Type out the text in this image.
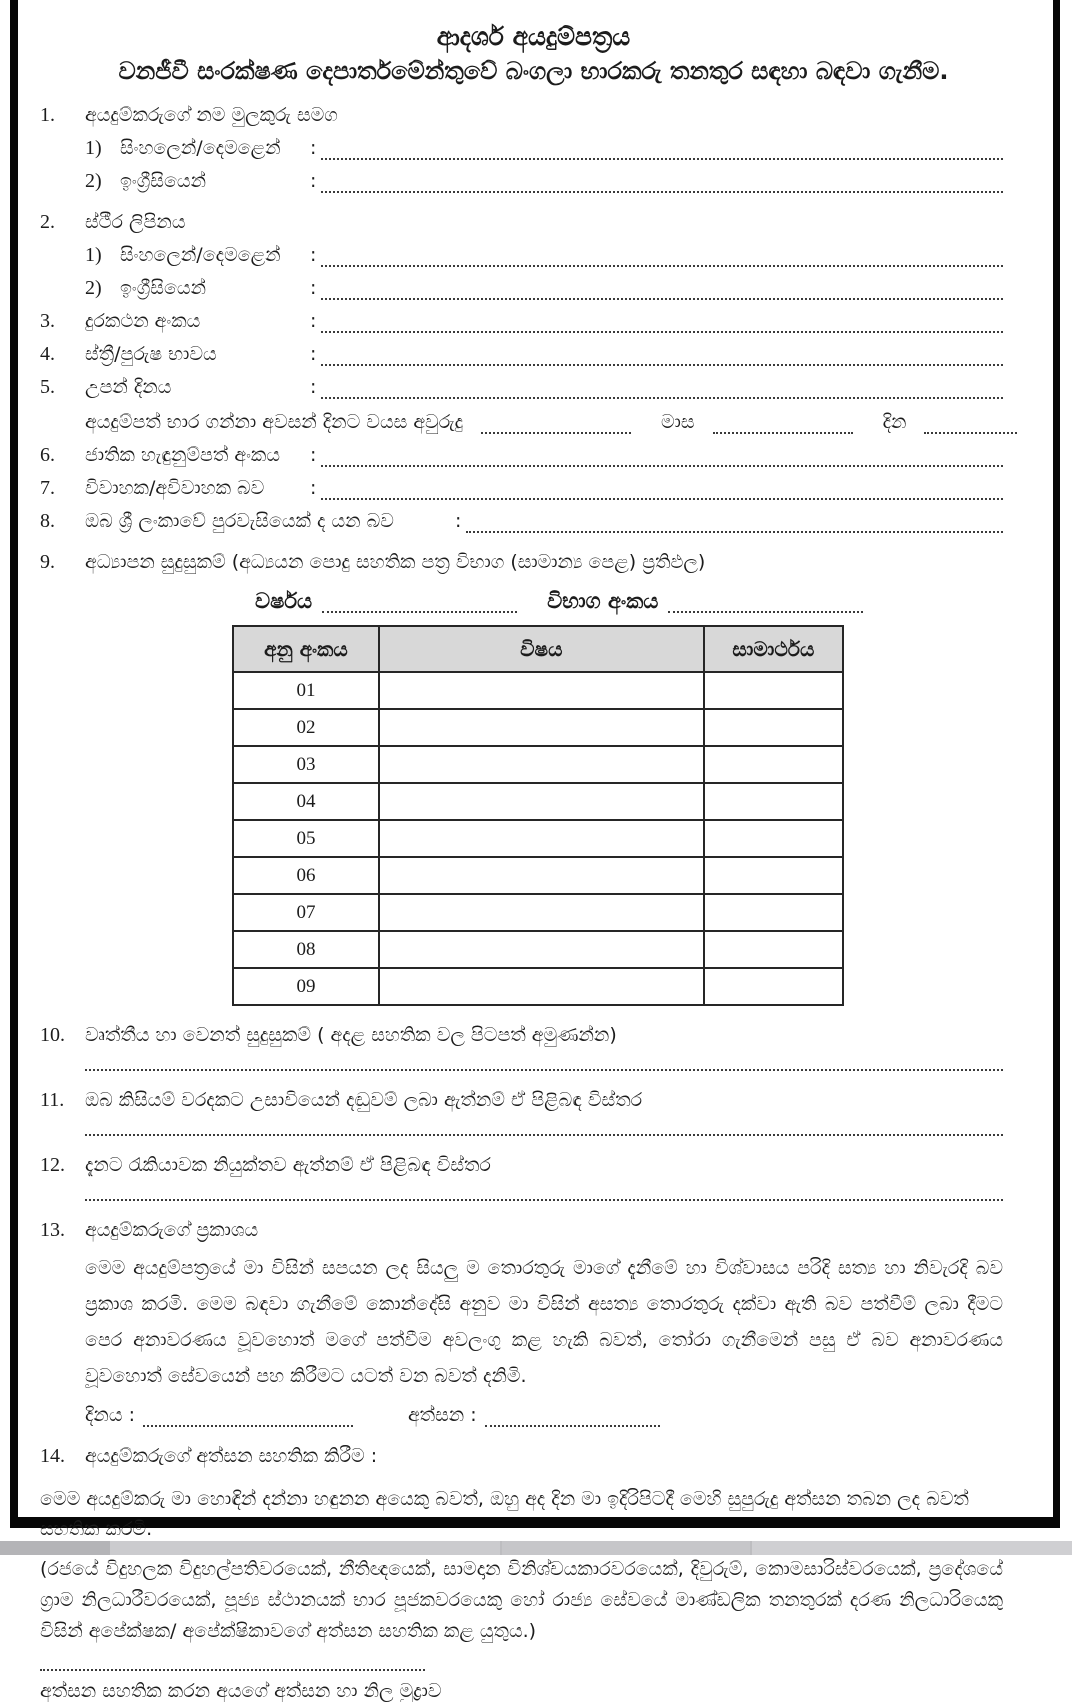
ආදර්ශ අයදුම්පත්‍රය
වනජීවී සංරක්ෂණ දෙපාර්තමේන්තුවේ බංගලා භාරකරු තනතුර සඳහා බඳවා ගැනීම.
1.	අයදුම්කරුගේ නම මුලකුරු සමග
1) සිංහලෙන්/දෙමළෙන්	:
2) ඉංග්‍රීසියෙන්	:
2.	ස්ථීර ලිපිනය
1) සිංහලෙන්/දෙමළෙන්	:
2) ඉංග්‍රීසියෙන්	:
3.	දුරකථන අංකය	:
4.	ස්ත්‍රී/පුරුෂ භාවය	:
5.	උපන් දිනය	:
අයදුම්පත් භාර ගන්නා අවසන් දිනට වයස අවුරුදු	මාස	දින
6.	ජාතික හැඳුනුම්පත් අංකය	:
7.	විවාහක/අවිවාහක බව	:
8.	ඔබ ශ්‍රී ලංකාවේ පුරවැසියෙක් ද යන බව	:
9.	අධ්‍යාපන සුදුසුකම් (අධ්‍යයන පොදු සහතික පත්‍ර විභාග (සාමාන්‍ය පෙළ) ප්‍රතිඵල)
වර්ෂය	විභාග අංකය
අනු අංකය	විෂය	සාමාර්ථය
01		
02		
03		
04		
05		
06		
07		
08		
09		
10.	වෘත්තීය හා වෙනත් සුදුසුකම් ( අදළ සහතික වල පිටපත් අමුණන්න)
11.	ඔබ කිසියම් වරදකට උසාවියෙන් දඬුවම් ලබා ඇත්නම් ඒ පිළිබඳ විස්තර
12.	දැනට රැකියාවක නියුක්තව ඇත්නම් ඒ පිළිබඳ විස්තර
13.	අයදුම්කරුගේ ප්‍රකාශය
මෙම අයදුම්පත්‍රයේ මා විසින් සපයන ලද සියලු ම තොරතුරු මාගේ දැනීමේ හා විශ්වාසය පරිදි සත්‍ය හා නිවැරදි බව ප්‍රකාශ කරමි. මෙම බඳවා ගැනීමේ කොන්දේසි අනුව මා විසින් අසත්‍ය තොරතුරු දක්වා ඇති බව පත්වීම් ලබා දීමට පෙර අනාවරණය වූවහොත් මගේ පත්වීම අවලංගු කළ හැකි බවත්, තෝරා ගැනීමෙන් පසු ඒ බව අනාවරණය වූවහොත් සේවයෙන් පහ කිරීමට යටත් වන බවත් දනිමි.
දිනය :	අත්සන :
14.	අයදුම්කරුගේ අත්සන සහතික කිරීම :
මෙම අයදුම්කරු මා හොඳින් දන්නා හඳුනන අයෙකු බවත්, ඔහු අද දින මා ඉදිරිපිටදී මෙහි සුපුරුදු අත්සන තබන ලද බවත් සහතික කරමි.
(රජයේ විදුහලක විදුහල්පතිවරයෙක්, නීතිඥයෙක්, සාමදාන විනිශ්චයකාරවරයෙක්, දිවුරුම්, කොමසාරිස්වරයෙක්, ප්‍රදේශයේ ග්‍රාම නිලධාරීවරයෙක්, පූජ්‍ය ස්ථානයක් භාර පූජකවරයෙකු හෝ රාජ්‍ය සේවයේ මාණ්ඩලික තනතුරක් දරණ නිලධාරියෙකු විසින් අපේක්ෂක/ අපේක්ෂිකාවගේ අත්සන සහතික කළ යුතුය.)
අත්සන සහතික කරන අයගේ අත්සන හා නිල මුද්‍රාව
